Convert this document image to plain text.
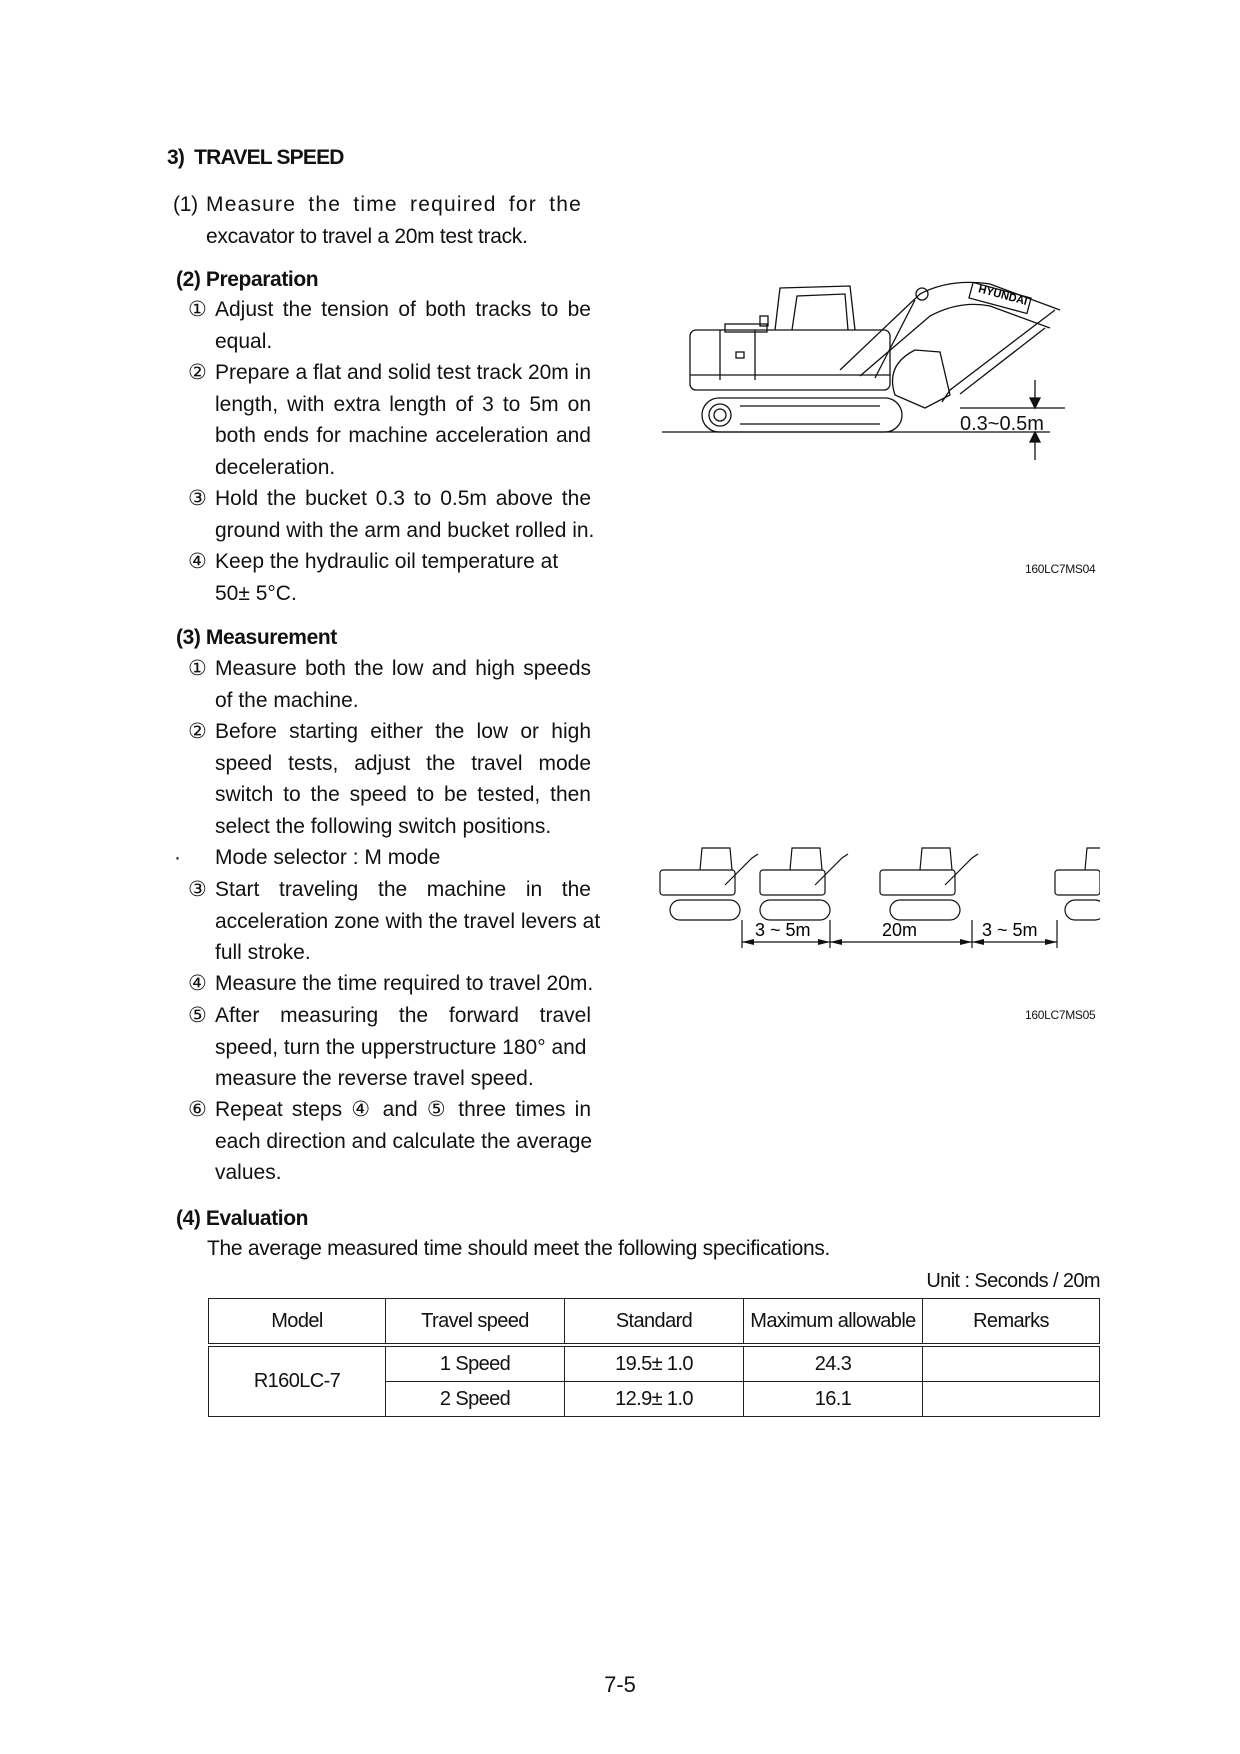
3) TRAVEL SPEED
(1) Measure the time required for the
excavator to travel a 20m test track.
(2) Preparation
① Adjust the tension of both tracks to be
equal.
② Prepare a flat and solid test track 20m in
length, with extra length of 3 to 5m on
both ends for machine acceleration and
deceleration.
③ Hold the bucket 0.3 to 0.5m above the
ground with the arm and bucket rolled in.
④ Keep the hydraulic oil temperature at
50± 5°C.
(3) Measurement
① Measure both the low and high speeds
of the machine.
② Before starting either the low or high
speed tests, adjust the travel mode
switch to the speed to be tested, then
select the following switch positions.
·	Mode selector : M mode
③ Start traveling the machine in the
acceleration zone with the travel levers at
full stroke.
④ Measure the time required to travel 20m.
⑤ After measuring the forward travel
speed, turn the upperstructure 180° and
measure the reverse travel speed.
⑥ Repeat steps ④ and ⑤ three times in
each direction and calculate the average
values.
(4) Evaluation
The average measured time should meet the following specifications.
Unit : Seconds / 20m
Model	Travel speed	Standard	Maximum allowable	Remarks
R160LC-7	1 Speed	19.5± 1.0	24.3	
	2 Speed	12.9± 1.0	16.1	
HYUNDAI
0.3~0.5m
160LC7MS04
3 ~ 5m	20m	3 ~ 5m
160LC7MS05
7-5
